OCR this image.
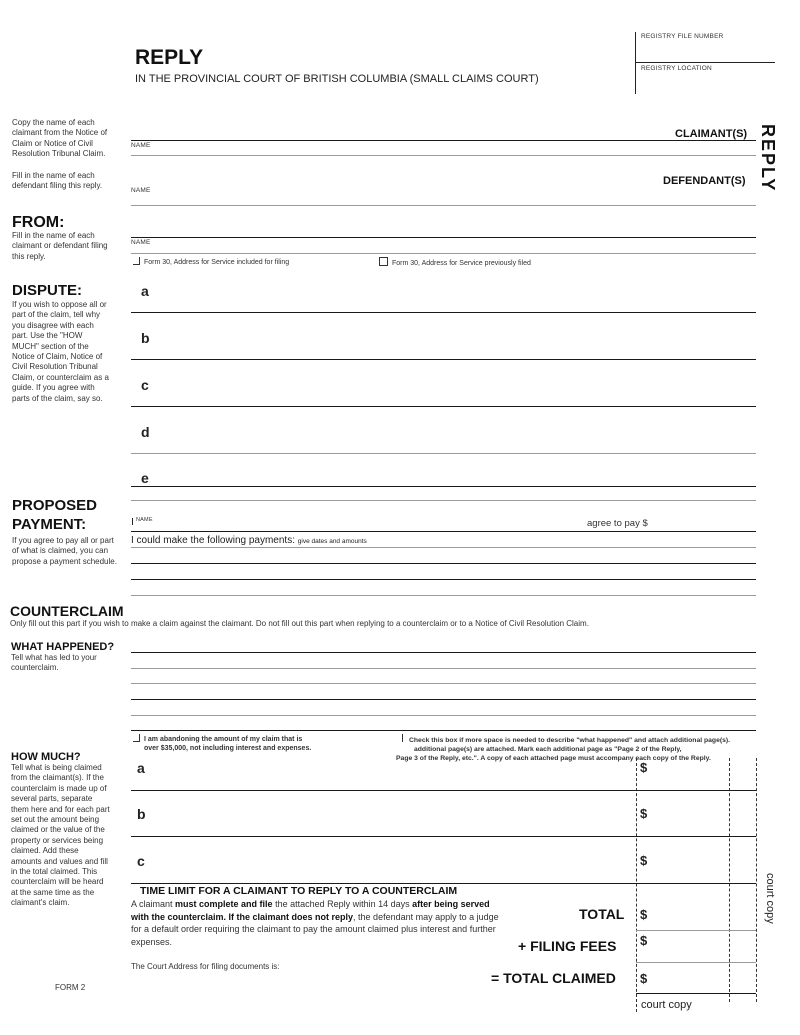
REPLY
IN THE PROVINCIAL COURT OF BRITISH COLUMBIA (SMALL CLAIMS COURT)
REGISTRY FILE NUMBER
REGISTRY LOCATION
REPLY
Copy the name of each claimant from the Notice of Claim or Notice of Civil Resolution Tribunal Claim.
CLAIMANT(S)
NAME
Fill in the name of each defendant filing this reply.	DEFENDANT(S)
NAME
FROM:
Fill in the name of each claimant or defendant filing this reply.
NAME
Form 30, Address for Service included for filing	Form 30, Address for Service previously filed
DISPUTE:
If you wish to oppose all or part of the claim, tell why you disagree with each part. Use the "HOW MUCH" section of the Notice of Claim, Notice of Civil Resolution Tribunal Claim, or counterclaim as a guide. If you agree with parts of the claim, say so.
a
b
c
d
e
PROPOSED
PAYMENT:
If you agree to pay all or part of what is claimed, you can propose a payment schedule.
NAME	agree to pay $
I could make the following payments: give dates and amounts
COUNTERCLAIM
Only fill out this part if you wish to make a claim against the claimant. Do not fill out this part when replying to a counterclaim or to a Notice of Civil Resolution Claim.
WHAT HAPPENED?
Tell what has led to your counterclaim.
I am abandoning the amount of my claim that is
over $35,000, not including interest and expenses.
Check this box if more space is needed to describe "what happened" and attach additional page(s).
additional page(s) are attached. Mark each additional page as "Page 2 of the Reply,
Page 3 of the Reply, etc.". A copy of each attached page must accompany each copy of the Reply.
HOW MUCH?
Tell what is being claimed from the claimant(s). If the counterclaim is made up of several parts, separate them here and for each part set out the amount being claimed or the value of the property or services being claimed. Add these amounts and values and fill in the total claimed. This counterclaim will be heard at the same time as the claimant's claim.
a	$
b	$
c	$
court copy
TIME LIMIT FOR A CLAIMANT TO REPLY TO A COUNTERCLAIM
A claimant must complete and file the attached Reply within 14 days after being served with the counterclaim. If the claimant does not reply, the defendant may apply to a judge for a default order requiring the claimant to pay the amount claimed plus interest and further expenses.
The Court Address for filing documents is:
TOTAL $
+ FILING FEES $
= TOTAL CLAIMED $
court copy
FORM 2
